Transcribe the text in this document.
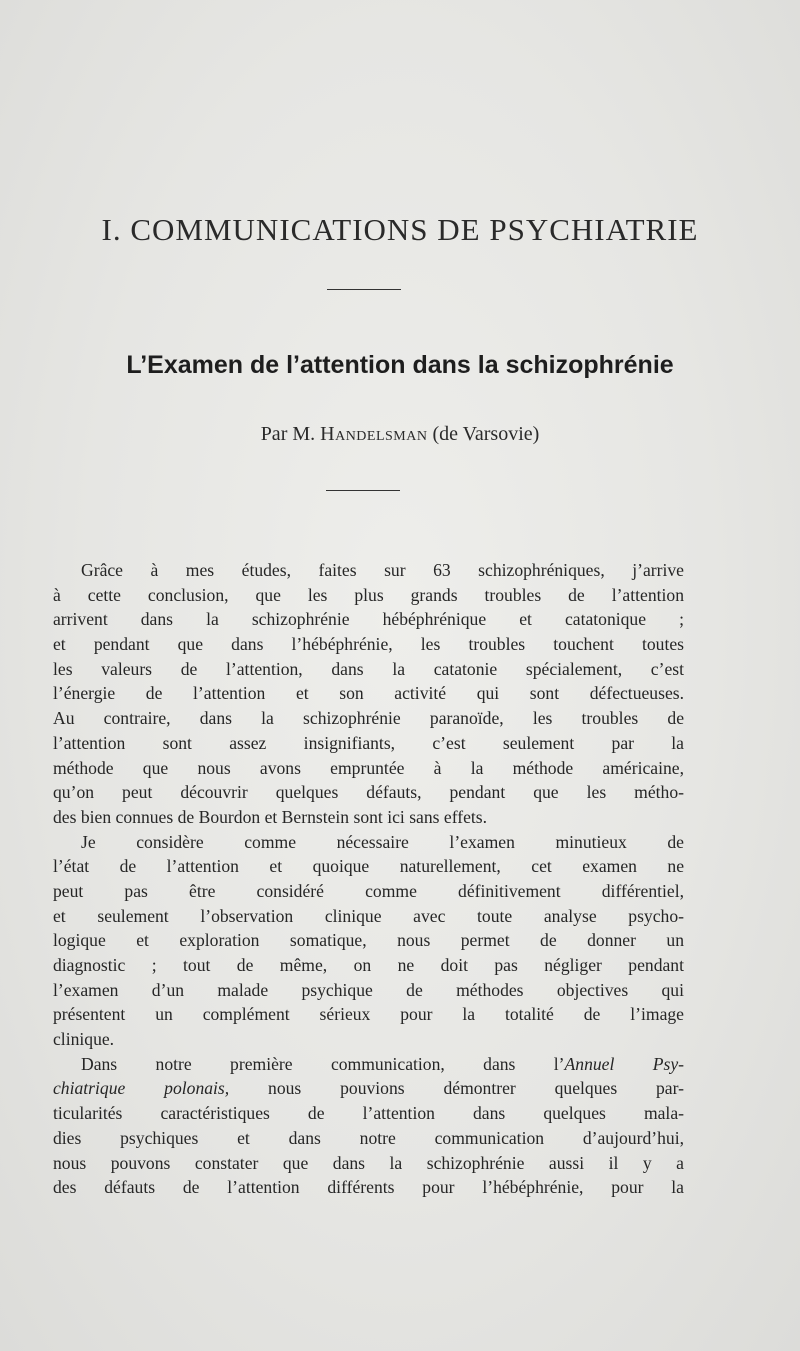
I. COMMUNICATIONS DE PSYCHIATRIE
L’Examen de l’attention dans la schizophrénie
Par M. Handelsman (de Varsovie)
Grâce à mes études, faites sur 63 schizophréniques, j’arrive
à cette conclusion, que les plus grands troubles de l’attention
arrivent dans la schizophrénie hébéphrénique et catatonique ;
et pendant que dans l’hébéphrénie, les troubles touchent toutes
les valeurs de l’attention, dans la catatonie spécialement, c’est
l’énergie de l’attention et son activité qui sont défectueuses.
Au contraire, dans la schizophrénie paranoïde, les troubles de
l’attention sont assez insignifiants, c’est seulement par la
méthode que nous avons empruntée à la méthode américaine,
qu’on peut découvrir quelques défauts, pendant que les métho-
des bien connues de Bourdon et Bernstein sont ici sans effets.
Je considère comme nécessaire l’examen minutieux de
l’état de l’attention et quoique naturellement, cet examen ne
peut pas être considéré comme définitivement différentiel,
et seulement l’observation clinique avec toute analyse psycho-
logique et exploration somatique, nous permet de donner un
diagnostic ; tout de même, on ne doit pas négliger pendant
l’examen d’un malade psychique de méthodes objectives qui
présentent un complément sérieux pour la totalité de l’image
clinique.
Dans notre première communication, dans l’Annuel Psy-
chiatrique polonais, nous pouvions démontrer quelques par-
ticularités caractéristiques de l’attention dans quelques mala-
dies psychiques et dans notre communication d’aujourd’hui,
nous pouvons constater que dans la schizophrénie aussi il y a
des défauts de l’attention différents pour l’hébéphrénie, pour la
